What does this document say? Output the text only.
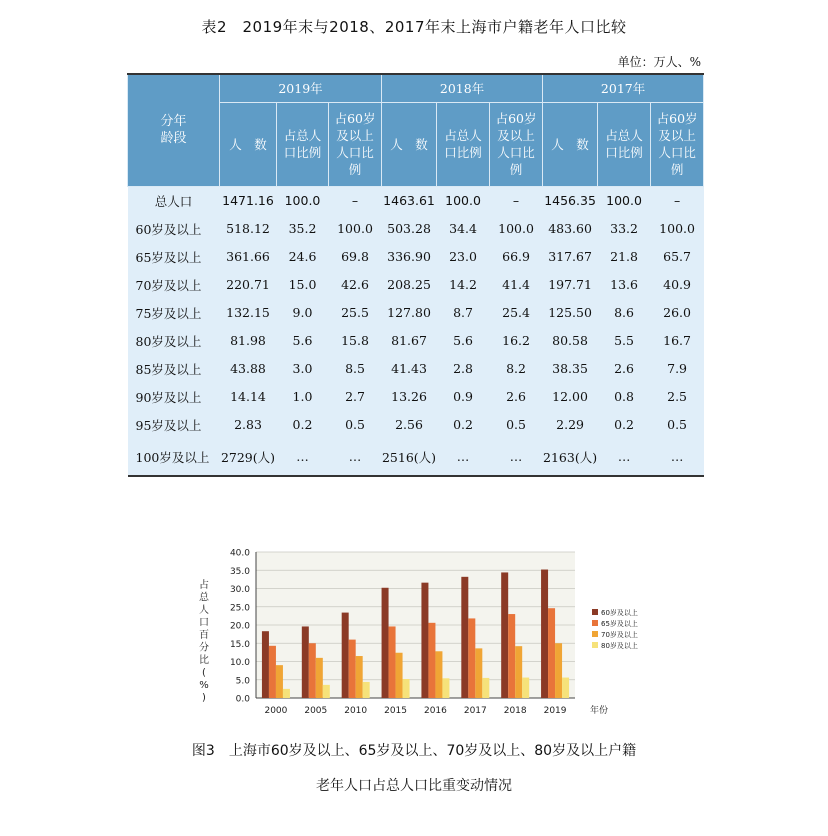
表2　2019年末与2018、2017年末上海市户籍老年人口比较
单位：万人、%
分年
龄段	2019年			2018年			2017年		
	人　数	占总人口比例	占60岁及以上人口比例	人　数	占总人口比例	占60岁及以上人口比例	人　数	占总人口比例	占60岁及以上人口比例
总人口	1471.16	100.0	–	1463.61	100.0	–	1456.35	100.0	–
60岁及以上	518.12	35.2	100.0	503.28	34.4	100.0	483.60	33.2	100.0
65岁及以上	361.66	24.6	69.8	336.90	23.0	66.9	317.67	21.8	65.7
70岁及以上	220.71	15.0	42.6	208.25	14.2	41.4	197.71	13.6	40.9
75岁及以上	132.15	9.0	25.5	127.80	8.7	25.4	125.50	8.6	26.0
80岁及以上	81.98	5.6	15.8	81.67	5.6	16.2	80.58	5.5	16.7
85岁及以上	43.88	3.0	8.5	41.43	2.8	8.2	38.35	2.6	7.9
90岁及以上	14.14	1.0	2.7	13.26	0.9	2.6	12.00	0.8	2.5
95岁及以上	2.83	0.2	0.5	2.56	0.2	0.5	2.29	0.2	0.5
100岁及以上	2729(人)	…	…	2516(人)	…	…	2163(人)	…	…
0.0
5.0
10.0
15.0
20.0
25.0
30.0
35.0
40.0
2000 2005 2010 2015 2016 2017 2018 2019	年份
占总人口百分比( % )
60岁及以上
65岁及以上
70岁及以上
80岁及以上
图3　上海市60岁及以上、65岁及以上、70岁及以上、80岁及以上户籍
老年人口占总人口比重变动情况
